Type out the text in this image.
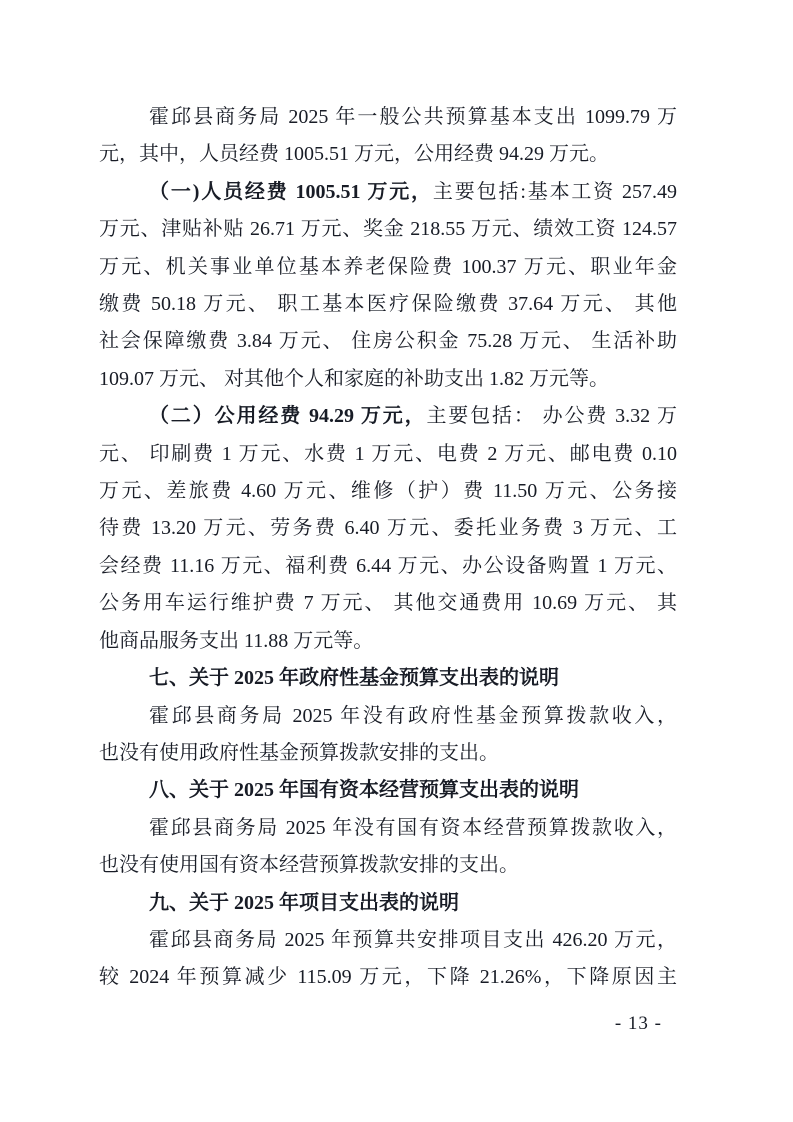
霍邱县商务局 2025 年一般公共预算基本支出 1099.79 万
元，其中，人员经费 1005.51 万元，公用经费 94.29 万元。
（一)人员经费 1005.51 万元，主要包括:基本工资 257.49
万元、津贴补贴 26.71 万元、奖金 218.55 万元、绩效工资 124.57
万元、机关事业单位基本养老保险费 100.37 万元、职业年金
缴费 50.18 万元、 职工基本医疗保险缴费 37.64 万元、 其他
社会保障缴费 3.84 万元、 住房公积金 75.28 万元、 生活补助
109.07 万元、 对其他个人和家庭的补助支出 1.82 万元等。
（二）公用经费 94.29 万元，主要包括： 办公费 3.32 万
元、 印刷费 1 万元、水费 1 万元、电费 2 万元、邮电费 0.10
万元、差旅费 4.60 万元、维修（护）费 11.50 万元、公务接
待费 13.20 万元、劳务费 6.40 万元、委托业务费 3 万元、工
会经费 11.16 万元、福利费 6.44 万元、办公设备购置 1 万元、
公务用车运行维护费 7 万元、 其他交通费用 10.69 万元、 其
他商品服务支出 11.88 万元等。
七、关于 2025 年政府性基金预算支出表的说明
霍邱县商务局 2025 年没有政府性基金预算拨款收入，
也没有使用政府性基金预算拨款安排的支出。
八、关于 2025 年国有资本经营预算支出表的说明
霍邱县商务局 2025 年没有国有资本经营预算拨款收入，
也没有使用国有资本经营预算拨款安排的支出。
九、关于 2025 年项目支出表的说明
霍邱县商务局 2025 年预算共安排项目支出 426.20 万元，
较 2024 年预算减少 115.09 万元，下降 21.26%，下降原因主
- 13 -
